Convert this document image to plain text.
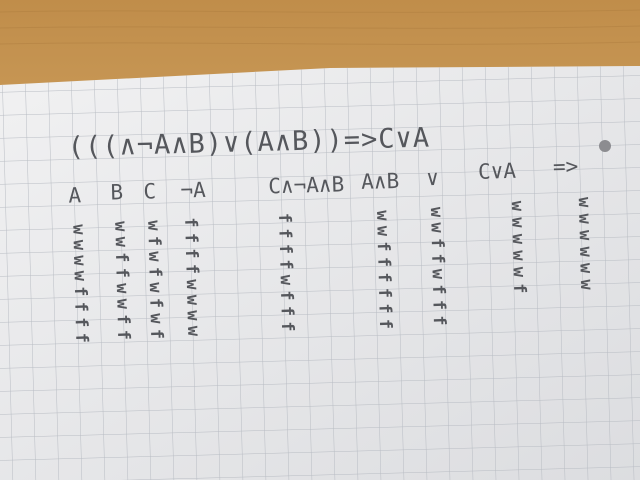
(((∧¬A∧B)∨(A∧B))=>C∨A
A
w
w
w
w
f
f
f
f
B
w
w
f
f
w
w
f
f
C
w
f
w
f
w
f
w
f
¬A
f
f
f
f
w
w
w
w
C∧¬A∧B
f
f
f
f
w
f
f
f
A∧B
w
w
f
f
f
f
f
f
∨
w
w
f
f
w
f
f
f
C∨A
w
w
w
w
w
f
=>
w
w
w
w
w
w
